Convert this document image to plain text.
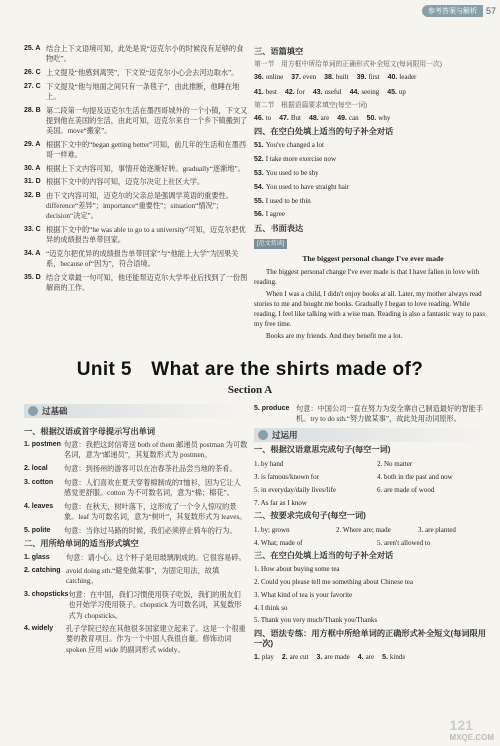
参考答案与解析	57
25. A 结合上下文语境可知，此处是说“迈克尔小的时候没有足够的食物吃”。
26. C 上文提及“他感到离哭”，下文说“迈克尔小心会去河边取水”。
27. C 下文提及“他与地面之间只有一条毯子”，由此推断，他睡在地上。
28. B 第二段第一句提及迈克尔生活在墨西哥城外的一个小镇，下文又提到他在美国的生活，由此可知，迈克尔来自一个乡下镇搬到了美国。move“搬家”。
29. A 根据下文中的“began getting better”可知，前几年的生活和在墨西哥一样难。
30. A 根据上下文内容可知，事情开始逐渐好转。gradually“逐渐地”。
31. D 根据下文中的内容可知，迈克尔决定上社区大学。
32. B 由下文内容可知，迈克尔的父亲总是强调学英语的重要性。difference“差异”；importance“重要性”；situation“情况”；decision“决定”。
33. C 根据下文中的“he was able to go to a university”可知，迈克尔把优异的成绩报告单带回家。
34. A “迈克尔把优异的成绩报告单带回家”与“他能上大学”为因果关系，because of“因为”，符合语境。
35. D 结合文章最一句可知，他还能帮迈克尔大学毕业后找到了一份图解商的工作。
三、语篇填空
第一节　用方框中所给单词的正确形式补全短文(每词限用一次)
36. online 37. even 38. built 39. first 40. leader
41. best 42. for 43. useful 44. seeing 45. up
第二节　根据语篇要求填空(每空一词)
46. to 47. But 48. are 49. can 50. why
四、在空白处填上适当的句子补全对话
51. You've changed a lot
52. I take more exercise now
53. You used to be shy
54. You used to have straight hair
55. I used to be thin
56. I agree
五、书面表达
[范文赏读]
The biggest personal change I've ever made

The biggest personal change I've ever made is that I have fallen in love with reading.

When I was a child, I didn't enjoy books at all. Later, my mother always read stories to me and bought me books. Gradually I began to love reading. While reading, I feel like talking with a wise man. Reading is also a fantastic way to pass my free time.

Books are my friends. And they benefit me a lot.

Unit 5　What are the shirts made of?
Section A
过基础
一、根据汉语或首字母提示写出单词
1. postmen 句意：我把这封信寄送 both of them 邮递员 postman 为可数名词，意为“邮递员”，其复数形式为 postmen。
2. local	句意：到扬州的游客可以在冶春茶社品尝当地的茶肴。
3. cotton	句意：人们喜欢在夏天穿着棉制成的T恤衫，因为它让人感觉更舒服。cotton 为不可数名词，意为“棉；棉花”。
4. leaves	句意：在秋天，树叶落下，这形成了一个令人惊叹的景象。leaf 为可数名词，意为“树叶”，其复数形式为 leaves。
5. polite	句意：当你过马路的时候，我们必须停止骑车的行为。
二、用所给单词的适当形式填空
1. glass	句意：请小心。这个杯子是用玻璃制成的。它很容易碎。
2. catching avoid doing sth.“避免做某事”，为固定用法，故填 catching。
3. chopsticks 句意：在中国，我们习惯使用筷子吃饭，我们的朋友们也开始学习使用筷子。chopstick 为可数名词，其复数形式为 chopsticks。
4. widely	孔子学院已经在其他很多国家建立起来了。这是一个很重要的教育项目。作为一个中国人我很自豪。修饰动词 spoken 应用 wide 的副词形式 widely。
5. produce 句意：中国公司一直在努力为安全寨自己制造最好的智能手机。try to do sth.“努力做某事”，故此处用动词原形。
过运用
一、根据汉语意思完成句子(每空一词)
1. by hand	2. No matter
3. is famous/known for	4. both in the past and now
5. in everyday/daily lives/life	6. are made of wood
7. As far as I know
二、按要求完成句子(每空一词)
1. by; grown	2. Where are; made	3. are planted
4. What; made of	5. aren't allowed to
三、在空白处填上适当的句子补全对话
1. How about buying some tea
2. Could you please tell me something about Chinese tea
3. What kind of tea is your favorite
4. I think so
5. Thank you very much/Thank you/Thanks
四、语法专练：用方框中所给单词的正确形式补全短文(每词限用一次)
1. play 2. are cut 3. are made 4. are 5. kinds
121
MXQE.COM
